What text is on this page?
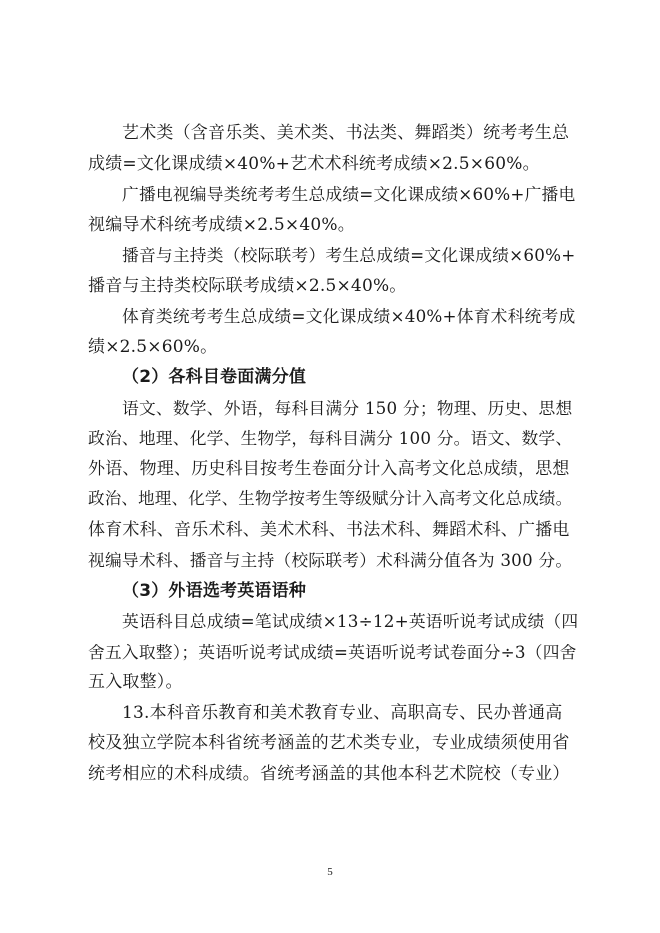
艺术类（含音乐类、美术类、书法类、舞蹈类）统考考生总
成绩=文化课成绩×40%+艺术术科统考成绩×2.5×60%。
广播电视编导类统考考生总成绩=文化课成绩×60%+广播电
视编导术科统考成绩×2.5×40%。
播音与主持类（校际联考）考生总成绩=文化课成绩×60%+
播音与主持类校际联考成绩×2.5×40%。
体育类统考考生总成绩=文化课成绩×40%+体育术科统考成
绩×2.5×60%。
（2）各科目卷面满分值
语文、数学、外语，每科目满分 150 分；物理、历史、思想
政治、地理、化学、生物学，每科目满分 100 分。语文、数学、
外语、物理、历史科目按考生卷面分计入高考文化总成绩，思想
政治、地理、化学、生物学按考生等级赋分计入高考文化总成绩。
体育术科、音乐术科、美术术科、书法术科、舞蹈术科、广播电
视编导术科、播音与主持（校际联考）术科满分值各为 300 分。
（3）外语选考英语语种
英语科目总成绩=笔试成绩×13÷12+英语听说考试成绩（四
舍五入取整）；英语听说考试成绩=英语听说考试卷面分÷3（四舍
五入取整）。
13.本科音乐教育和美术教育专业、高职高专、民办普通高
校及独立学院本科省统考涵盖的艺术类专业，专业成绩须使用省
统考相应的术科成绩。省统考涵盖的其他本科艺术院校（专业）
5
